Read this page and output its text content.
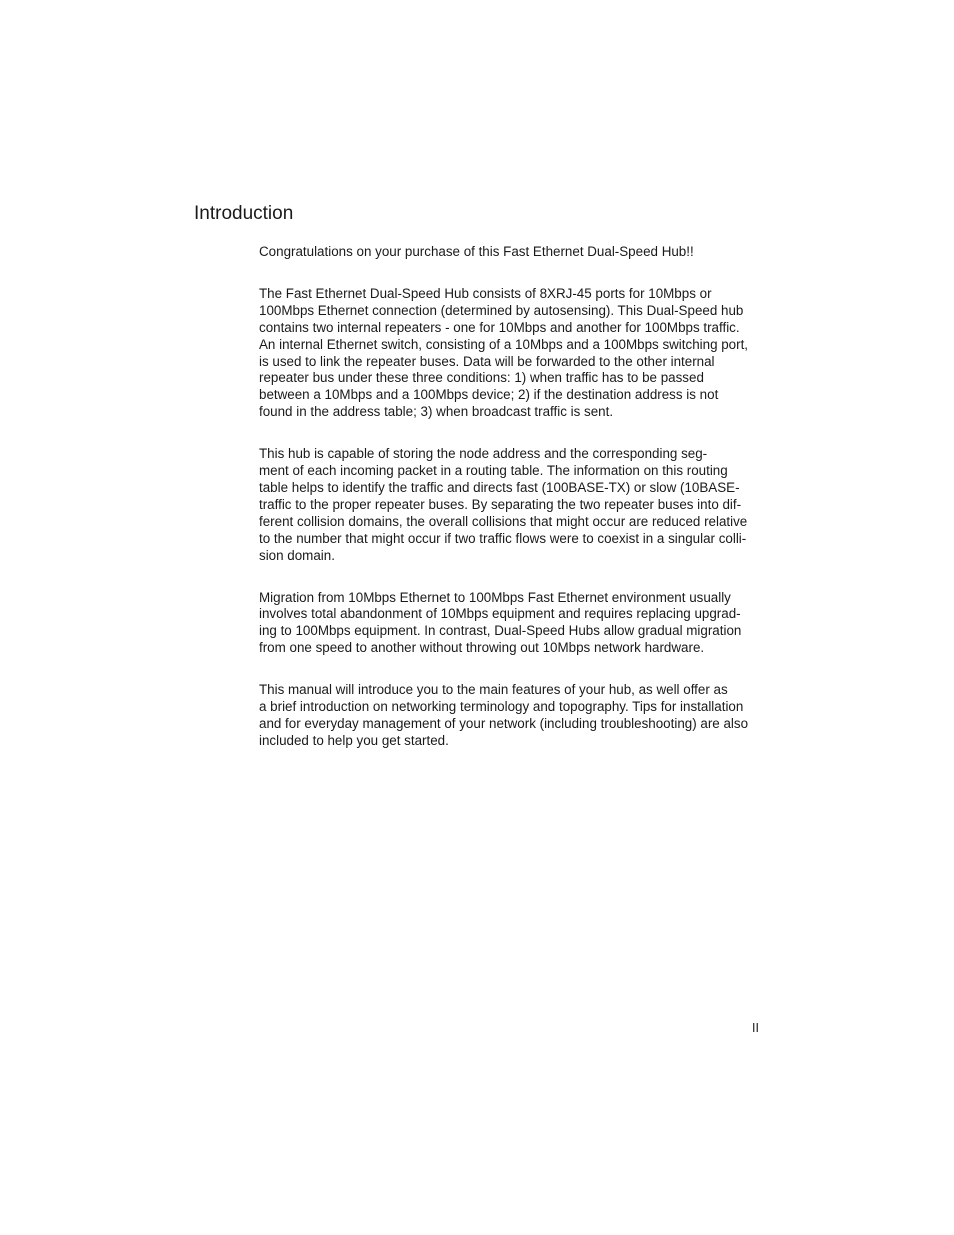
Introduction

Congratulations on your purchase of this Fast Ethernet Dual-Speed Hub!!

The Fast Ethernet Dual-Speed Hub consists of 8XRJ-45 ports for 10Mbps or
100Mbps Ethernet connection (determined by autosensing). This Dual-Speed hub
contains two internal repeaters - one for 10Mbps and another for 100Mbps traffic.
An internal Ethernet switch, consisting of a 10Mbps and a 100Mbps switching port,
is used to link the repeater buses. Data will be forwarded to the other internal
repeater bus under these three conditions: 1) when traffic has to be passed
between a 10Mbps and a 100Mbps device; 2) if the destination address is not
found in the address table; 3) when broadcast traffic is sent.

This hub is capable of storing the node address and the corresponding seg-
ment of each incoming packet in a routing table. The information on this routing
table helps to identify the traffic and directs fast (100BASE-TX) or slow (10BASE-
traffic to the proper repeater buses. By separating the two repeater buses into dif-
ferent collision domains, the overall collisions that might occur are reduced relative
to the number that might occur if two traffic flows were to coexist in a singular colli-
sion domain.

Migration from 10Mbps Ethernet to 100Mbps Fast Ethernet environment usually
involves total abandonment of 10Mbps equipment and requires replacing upgrad-
ing to 100Mbps equipment. In contrast, Dual-Speed Hubs allow gradual migration
from one speed to another without throwing out 10Mbps network hardware.

This manual will introduce you to the main features of your hub, as well offer as
a brief introduction on networking terminology and topography. Tips for installation
and for everyday management of your network (including troubleshooting) are also
included to help you get started.

II
